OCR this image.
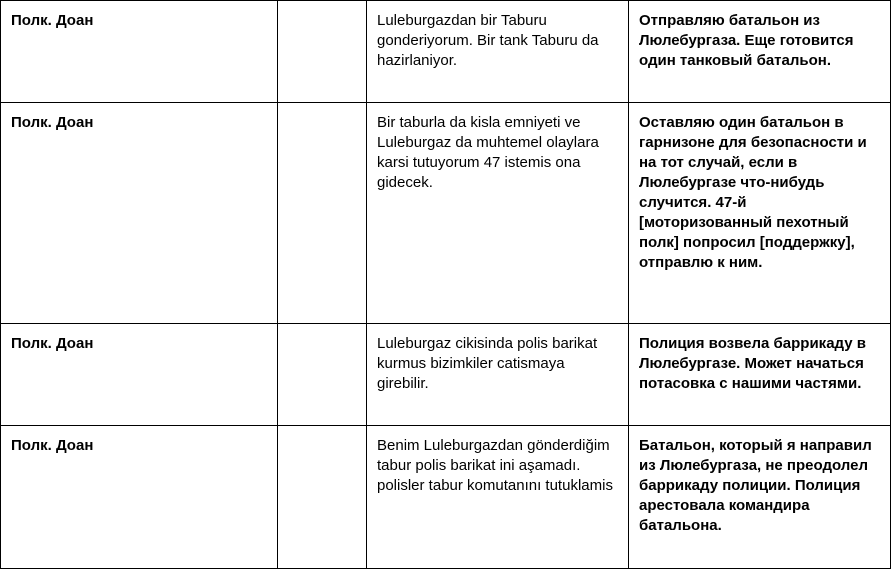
Полк. Доан		Luleburgazdan bir Taburu gonderiyorum. Bir tank Taburu da hazirlaniyor.	Отправляю батальон из Люлебургаза. Еще готовится один танковый батальон.
Полк. Доан		Bir taburla da kisla emniyeti ve Luleburgaz da muhtemel olaylara karsi tutuyorum 47 istemis ona gidecek.	Оставляю один батальон в гарнизоне для безопасности и на тот случай, если в Люлебургазе что-нибудь случится. 47-й [моторизованный пехотный полк] попросил [поддержку], отправлю к ним.
Полк. Доан		Luleburgaz cikisinda polis barikat kurmus bizimkiler catismaya girebilir.	Полиция возвела баррикаду в Люлебургазе. Может начаться потасовка с нашими частями.
Полк. Доан		Benim Luleburgazdan gönderdiğim tabur polis barikat ini aşamadı. polisler tabur komutanını tutuklamis	Батальон, который я направил из Люлебургаза, не преодолел баррикаду полиции. Полиция арестовала командира батальона.
